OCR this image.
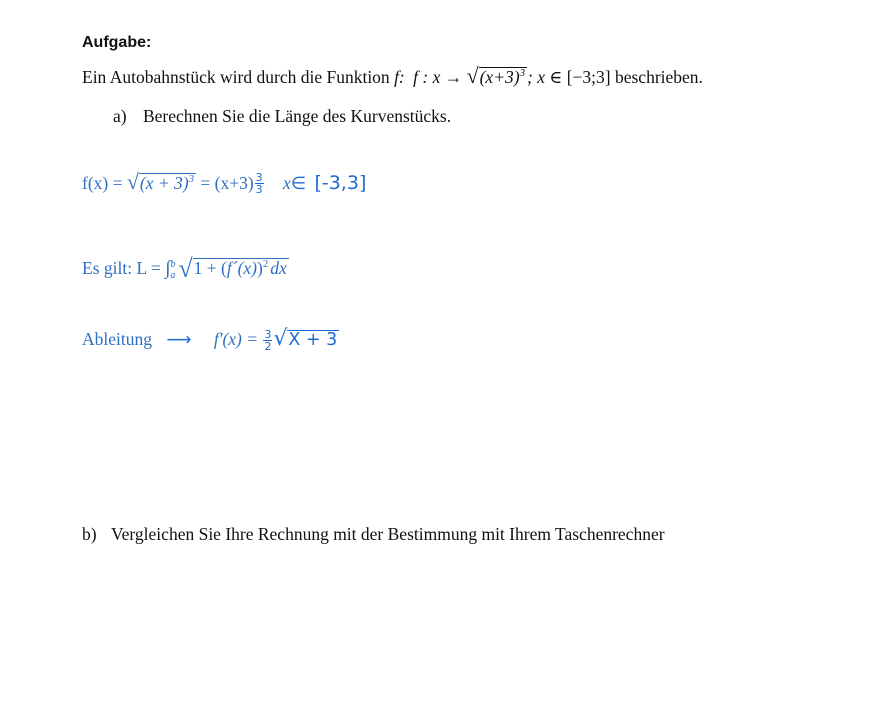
Aufgabe:
Ein Autobahnstück wird durch die Funktion f: f : $x \to √(x+3)^3$ ; x ∈ [−3;3] beschrieben.
a) Berechnen Sie die Länge des Kurvenstücks.
$f(x) = √(x + 3)^3 = (x+3) \frac{3}{3}$ x∈ [-3,3]
Es gilt: L = ∫ b
a √1 + (f´(x))$^2$ dx
Ableitung ⟶ $f'(x) = \frac{3}{2} √X + 3$
b) Vergleichen Sie Ihre Rechnung mit der Bestimmung mit Ihrem Taschenrechner
